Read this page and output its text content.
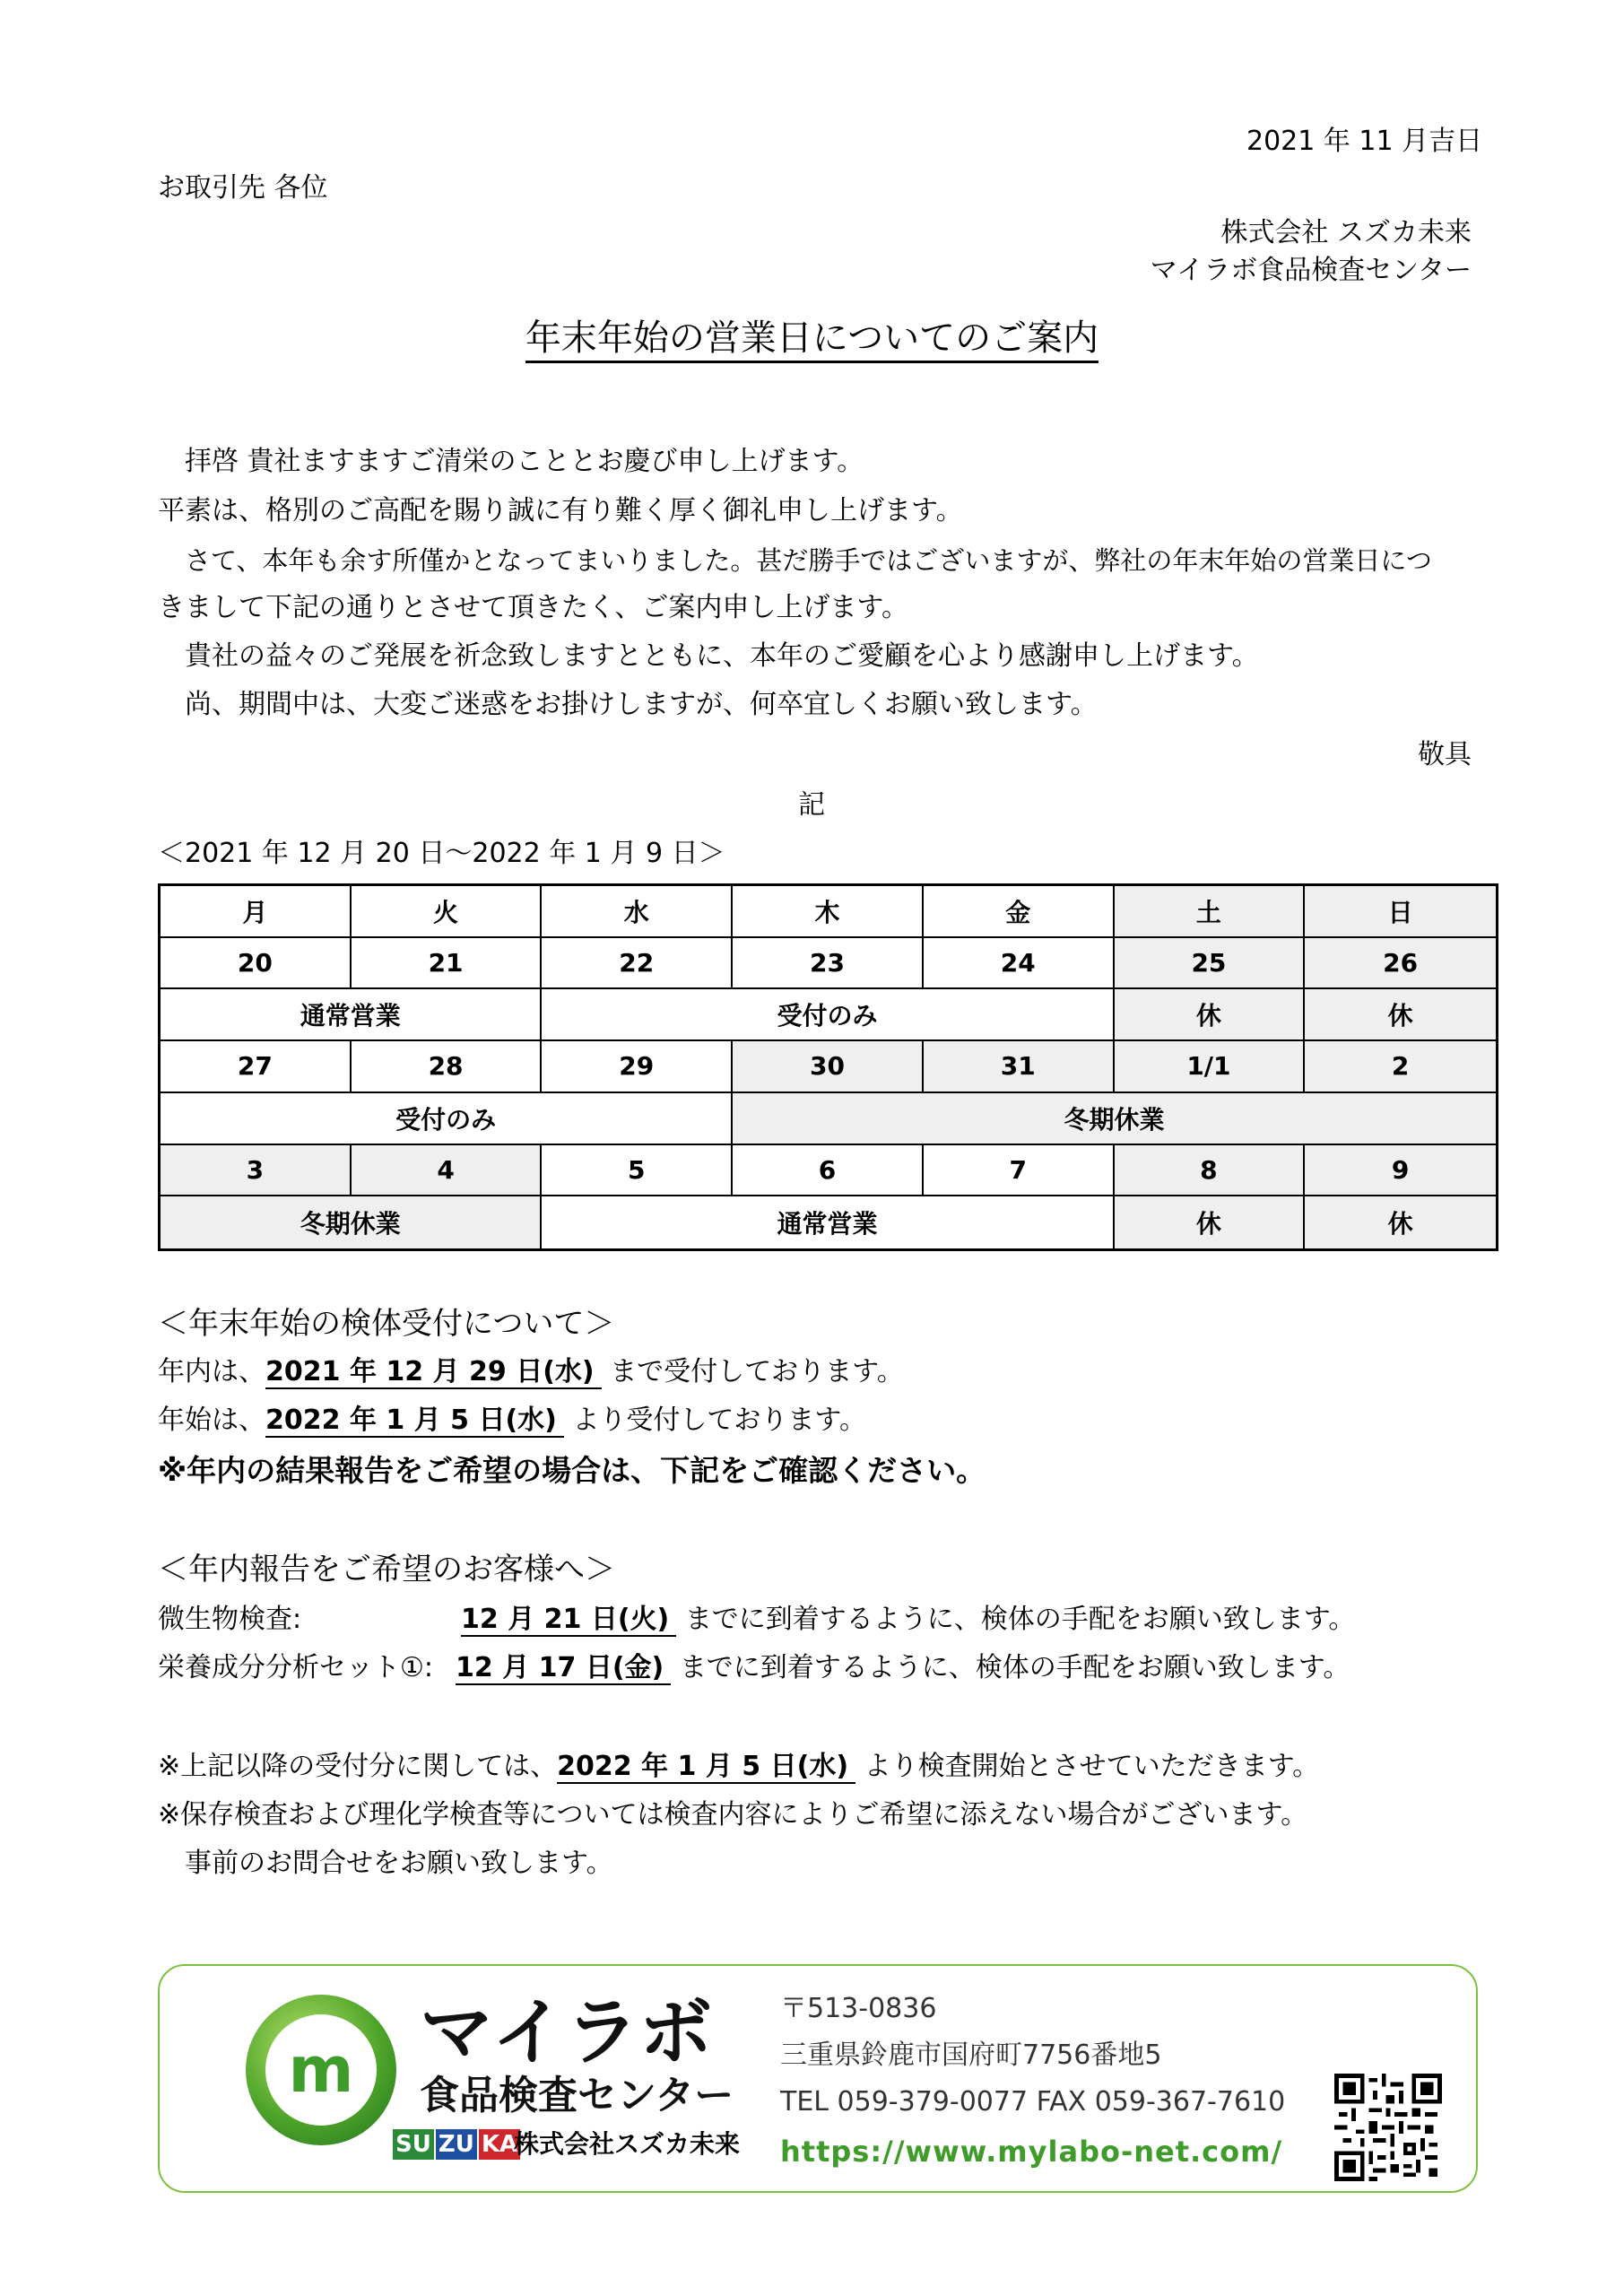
2021 年 11 月吉日
お取引先 各位
株式会社 スズカ未来
マイラボ食品検査センター
年末年始の営業日についてのご案内
拝啓 貴社ますますご清栄のこととお慶び申し上げます。
平素は、格別のご高配を賜り誠に有り難く厚く御礼申し上げます。
さて、本年も余す所僅かとなってまいりました。甚だ勝手ではございますが、弊社の年末年始の営業日につ
きまして下記の通りとさせて頂きたく、ご案内申し上げます。
貴社の益々のご発展を祈念致しますとともに、本年のご愛顧を心より感謝申し上げます。
尚、期間中は、大変ご迷惑をお掛けしますが、何卒宜しくお願い致します。
敬具
記
＜2021 年 12 月 20 日～2022 年 1 月 9 日＞
月	火	水	木	金	土	日
20	21	22	23	24	25	26
通常営業	受付のみ	休	休
27	28	29	30	31	1/1	2
受付のみ	冬期休業
3	4	5	6	7	8	9
冬期休業	通常営業	休	休
＜年末年始の検体受付について＞
年内は、2021 年 12 月 29 日(水) まで受付しております。
年始は、2022 年 1 月 5 日(水) より受付しております。
※年内の結果報告をご希望の場合は、下記をご確認ください。
＜年内報告をご希望のお客様へ＞
微生物検査:	12 月 21 日(火) までに到着するように、検体の手配をお願い致します。
栄養成分分析セット①: 12 月 17 日(金) までに到着するように、検体の手配をお願い致します。
※上記以降の受付分に関しては、2022 年 1 月 5 日(水) より検査開始とさせていただきます。
※保存検査および理化学検査等については検査内容によりご希望に添えない場合がございます。
事前のお問合せをお願い致します。
m マイラボ
食品検査センター
SU ZU KA
株式会社スズカ未来
〒513-0836
三重県鈴鹿市国府町7756番地5
TEL 059-379-0077 FAX 059-367-7610
https://www.mylabo-net.com/
